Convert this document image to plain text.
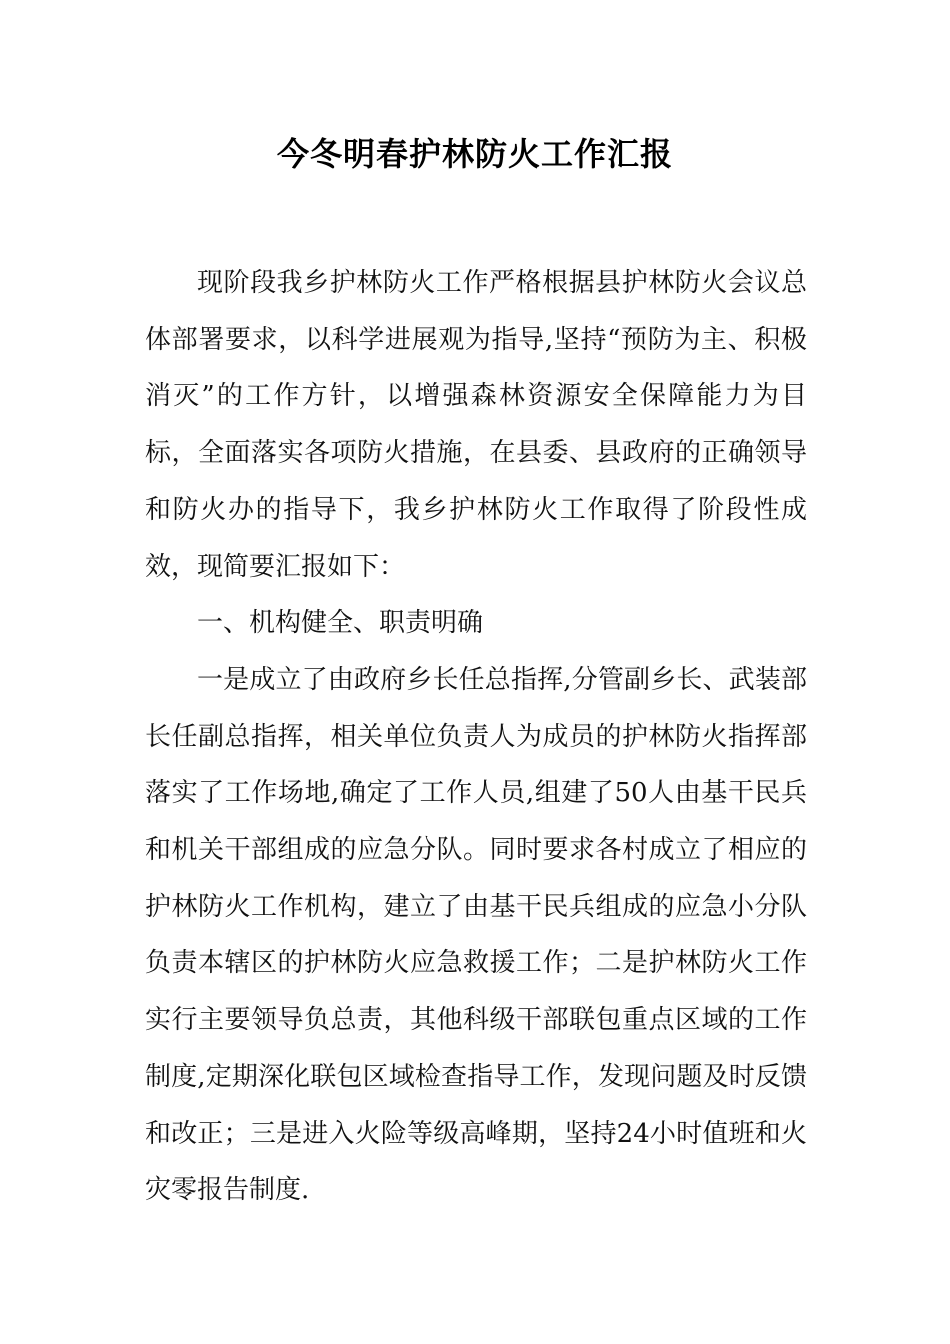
今冬明春护林防火工作汇报

现阶段我乡护林防火工作严格根据县护林防火会议总体部署要求，以科学进展观为指导,坚持“预防为主、积极消灭”的工作方针，以增强森林资源安全保障能力为目标，全面落实各项防火措施，在县委、县政府的正确领导和防火办的指导下，我乡护林防火工作取得了阶段性成效，现简要汇报如下：

一、机构健全、职责明确

一是成立了由政府乡长任总指挥,分管副乡长、武装部长任副总指挥，相关单位负责人为成员的护林防火指挥部落实了工作场地,确定了工作人员,组建了50人由基干民兵和机关干部组成的应急分队。同时要求各村成立了相应的护林防火工作机构，建立了由基干民兵组成的应急小分队负责本辖区的护林防火应急救援工作；二是护林防火工作实行主要领导负总责，其他科级干部联包重点区域的工作制度,定期深化联包区域检查指导工作，发现问题及时反馈和改正；三是进入火险等级高峰期，坚持24小时值班和火灾零报告制度.
